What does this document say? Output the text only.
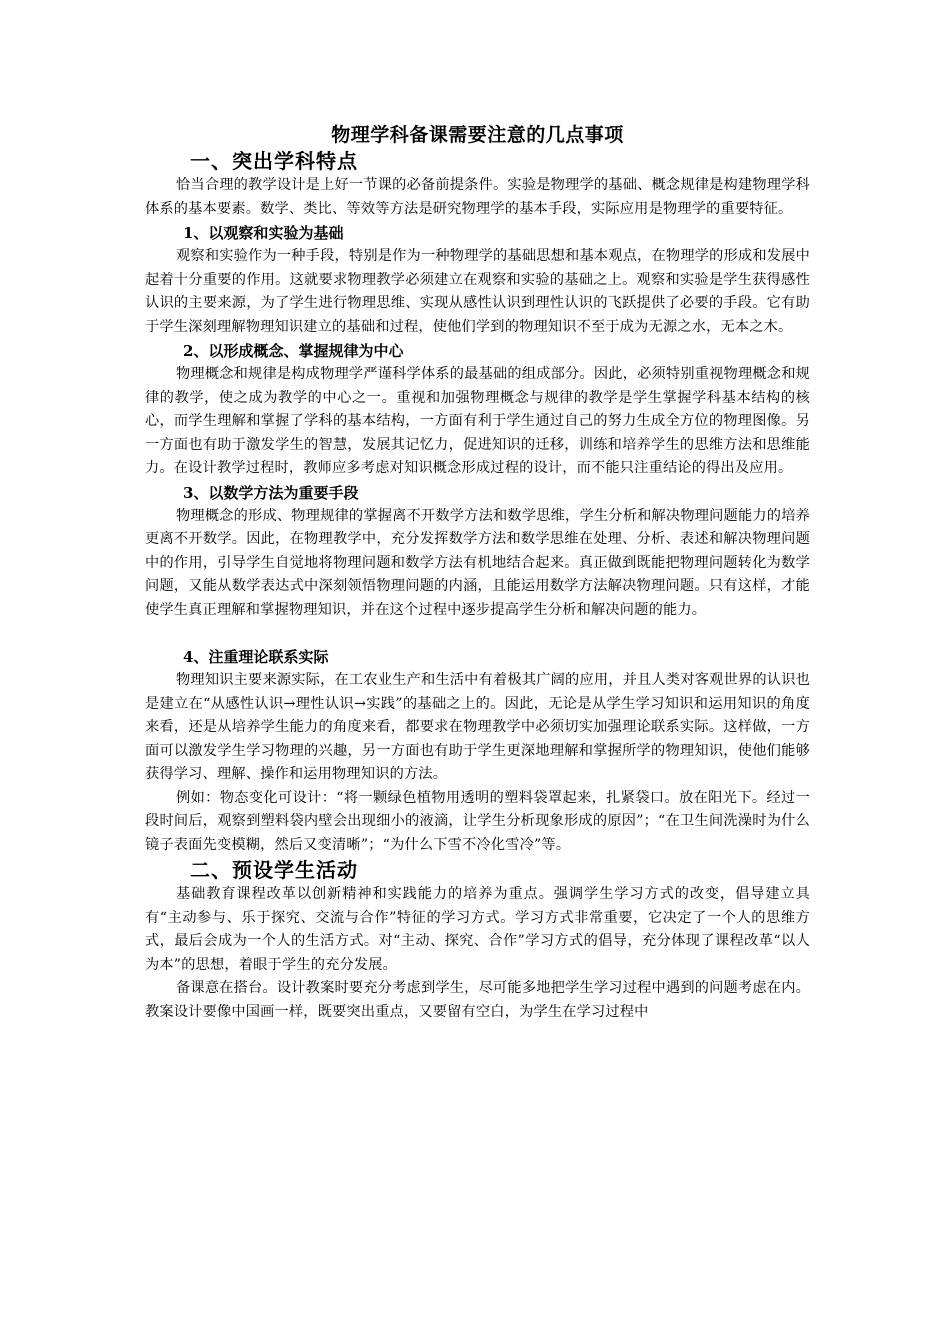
物理学科备课需要注意的几点事项

一、突出学科特点

恰当合理的教学设计是上好一节课的必备前提条件。实验是物理学的基础、概念规律是构建物理学科体系的基本要素。数学、类比、等效等方法是研究物理学的基本手段，实际应用是物理学的重要特征。

1、以观察和实验为基础

观察和实验作为一种手段，特别是作为一种物理学的基础思想和基本观点，在物理学的形成和发展中起着十分重要的作用。这就要求物理教学必须建立在观察和实验的基础之上。观察和实验是学生获得感性认识的主要来源，为了学生进行物理思维、实现从感性认识到理性认识的飞跃提供了必要的手段。它有助于学生深刻理解物理知识建立的基础和过程，使他们学到的物理知识不至于成为无源之水，无本之木。

2、以形成概念、掌握规律为中心

物理概念和规律是构成物理学严谨科学体系的最基础的组成部分。因此，必须特别重视物理概念和规律的教学，使之成为教学的中心之一。重视和加强物理概念与规律的教学是学生掌握学科基本结构的核心，而学生理解和掌握了学科的基本结构，一方面有利于学生通过自己的努力生成全方位的物理图像。另一方面也有助于激发学生的智慧，发展其记忆力，促进知识的迁移，训练和培养学生的思维方法和思维能力。在设计教学过程时，教师应多考虑对知识概念形成过程的设计，而不能只注重结论的得出及应用。

3、以数学方法为重要手段

物理概念的形成、物理规律的掌握离不开数学方法和数学思维，学生分析和解决物理问题能力的培养更离不开数学。因此，在物理教学中，充分发挥数学方法和数学思维在处理、分析、表述和解决物理问题中的作用，引导学生自觉地将物理问题和数学方法有机地结合起来。真正做到既能把物理问题转化为数学问题，又能从数学表达式中深刻领悟物理问题的内涵，且能运用数学方法解决物理问题。只有这样，才能使学生真正理解和掌握物理知识，并在这个过程中逐步提高学生分析和解决问题的能力。

4、注重理论联系实际

物理知识主要来源实际，在工农业生产和生活中有着极其广阔的应用，并且人类对客观世界的认识也是建立在“从感性认识→理性认识→实践”的基础之上的。因此，无论是从学生学习知识和运用知识的角度来看，还是从培养学生能力的角度来看，都要求在物理教学中必须切实加强理论联系实际。这样做，一方面可以激发学生学习物理的兴趣，另一方面也有助于学生更深地理解和掌握所学的物理知识，使他们能够获得学习、理解、操作和运用物理知识的方法。

例如：物态变化可设计：“将一颗绿色植物用透明的塑料袋罩起来，扎紧袋口。放在阳光下。经过一段时间后，观察到塑料袋内壁会出现细小的液滴，让学生分析现象形成的原因”；“在卫生间洗澡时为什么镜子表面先变模糊，然后又变清晰”；“为什么下雪不冷化雪冷”等。

二、预设学生活动

基础教育课程改革以创新精神和实践能力的培养为重点。强调学生学习方式的改变，倡导建立具有“主动参与、乐于探究、交流与合作”特征的学习方式。学习方式非常重要，它决定了一个人的思维方式，最后会成为一个人的生活方式。对“主动、探究、合作”学习方式的倡导，充分体现了课程改革“以人为本”的思想，着眼于学生的充分发展。

备课意在搭台。设计教案时要充分考虑到学生，尽可能多地把学生学习过程中遇到的问题考虑在内。教案设计要像中国画一样，既要突出重点，又要留有空白，为学生在学习过程中
